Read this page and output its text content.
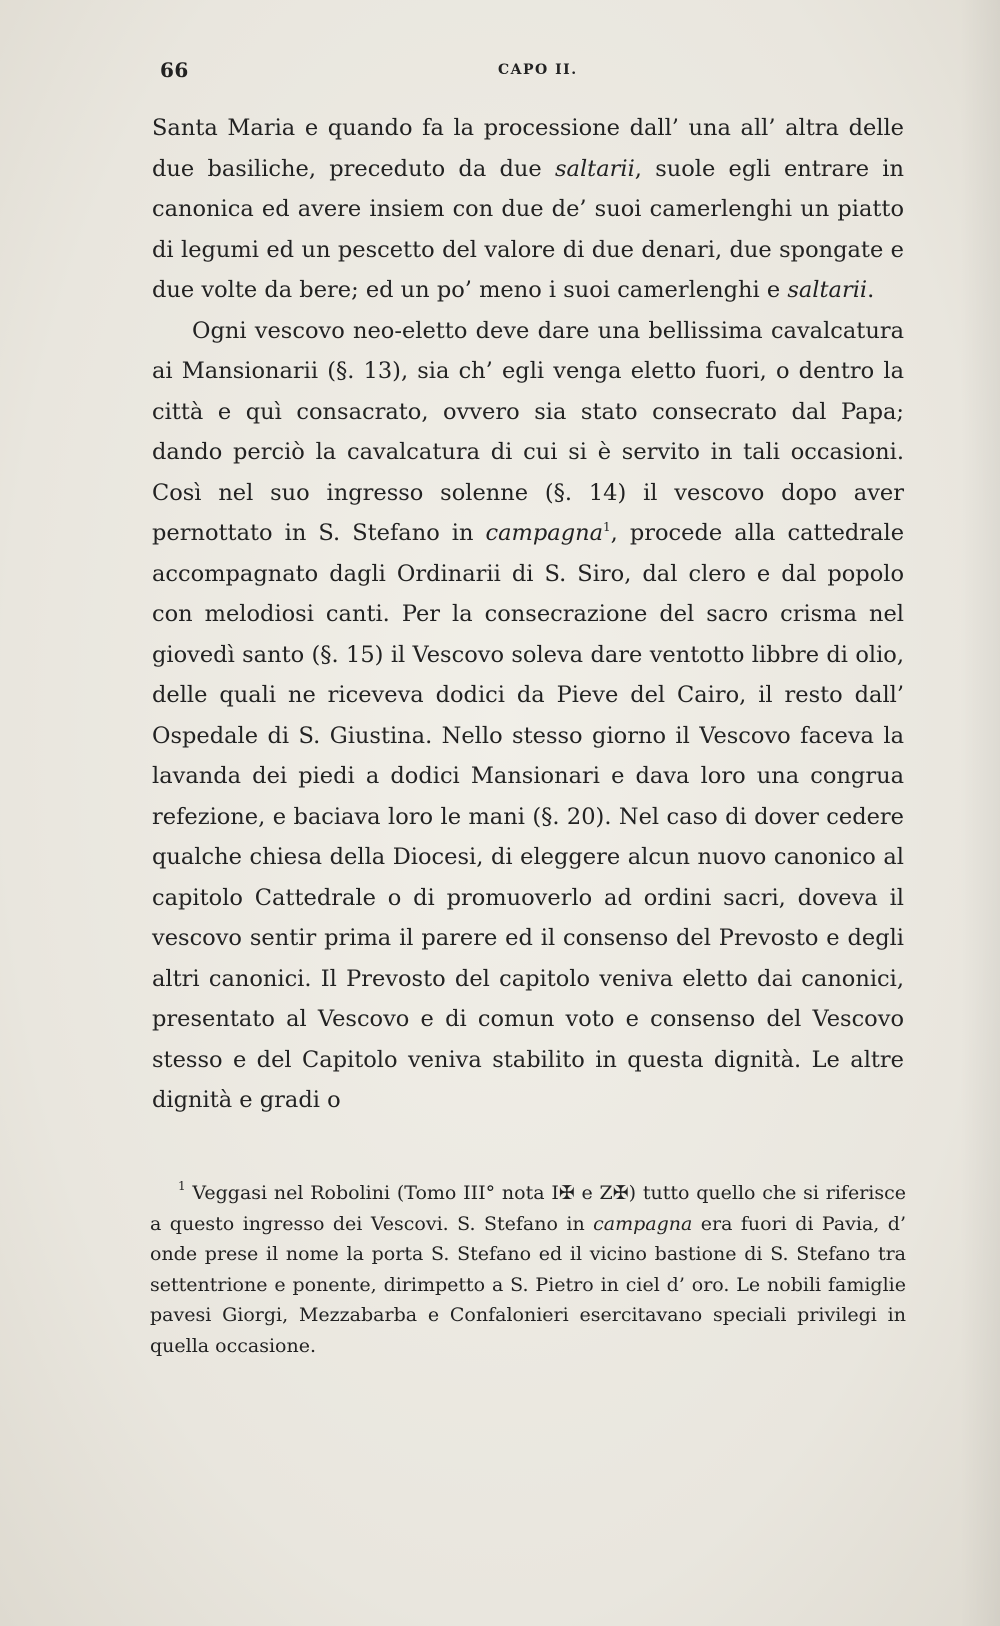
66	CAPO II.

Santa Maria e quando fa la processione dall’ una all’ altra delle due basiliche, preceduto da due saltarii, suole egli entrare in canonica ed avere insiem con due de’ suoi camerlenghi un piatto di legumi ed un pescetto del valore di due denari, due spongate e due volte da bere; ed un po’ meno i suoi camerlenghi e saltarii.

Ogni vescovo neo-eletto deve dare una bellissima cavalcatura ai Mansionarii (§. 13), sia ch’ egli venga eletto fuori, o dentro la città e quì consacrato, ovvero sia stato consecrato dal Papa; dando perciò la cavalcatura di cui si è servito in tali occasioni. Così nel suo ingresso solenne (§. 14) il vescovo dopo aver pernottato in S. Stefano in campagna$^1$, procede alla cattedrale accompagnato dagli Ordinarii di S. Siro, dal clero e dal popolo con melodiosi canti. Per la consecrazione del sacro crisma nel giovedì santo (§. 15) il Vescovo soleva dare ventotto libbre di olio, delle quali ne riceveva dodici da Pieve del Cairo, il resto dall’ Ospedale di S. Giustina. Nello stesso giorno il Vescovo faceva la lavanda dei piedi a dodici Mansionari e dava loro una congrua refezione, e baciava loro le mani (§. 20). Nel caso di dover cedere qualche chiesa della Diocesi, di eleggere alcun nuovo canonico al capitolo Cattedrale o di promuoverlo ad ordini sacri, doveva il vescovo sentir prima il parere ed il consenso del Prevosto e degli altri canonici. Il Prevosto del capitolo veniva eletto dai canonici, presentato al Vescovo e di comun voto e consenso del Vescovo stesso e del Capitolo veniva stabilito in questa dignità. Le altre dignità e gradi o

$^1$ Veggasi nel Robolini (Tomo III° nota I✠ e Z✠) tutto quello che si riferisce a questo ingresso dei Vescovi. S. Stefano in campagna era fuori di Pavia, d’ onde prese il nome la porta S. Stefano ed il vicino bastione di S. Stefano tra settentrione e ponente, dirimpetto a S. Pietro in ciel d’ oro. Le nobili famiglie pavesi Giorgi, Mezzabarba e Confalonieri esercitavano speciali privilegi in quella occasione.
